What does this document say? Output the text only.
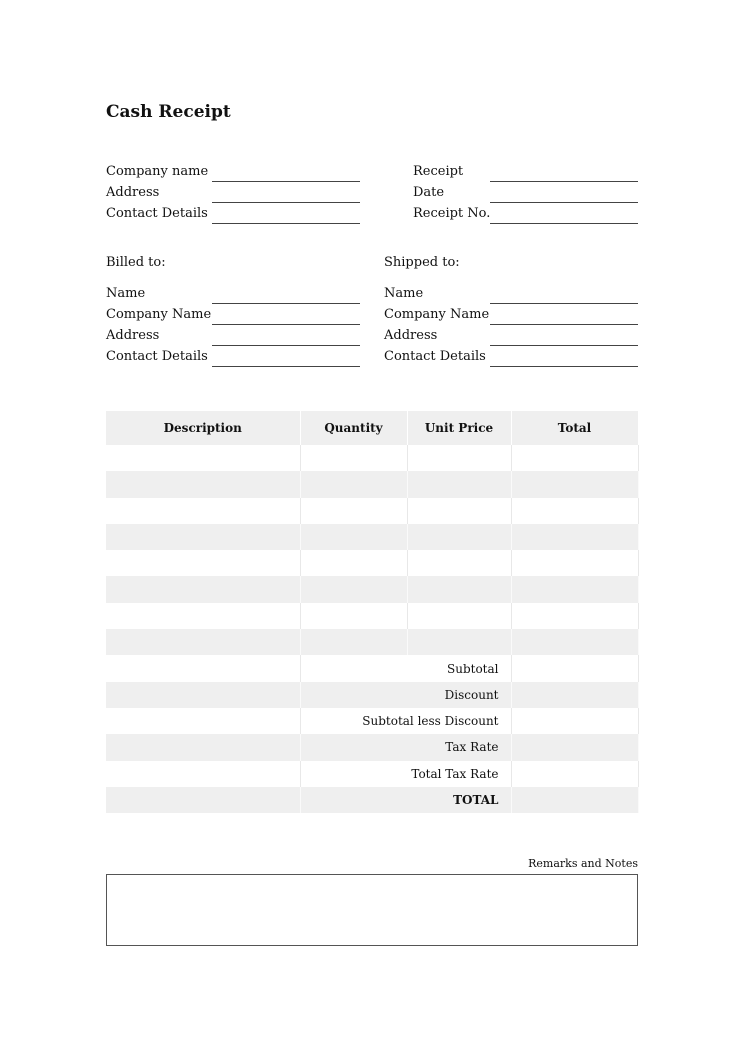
Cash Receipt
Company name
Address
Contact Details
Receipt
Date
Receipt No.
Billed to:
Name
Company Name
Address
Contact Details
Shipped to:
Name
Company Name
Address
Contact Details
Description	Quantity	Unit Price	Total

	Subtotal		
	Discount		
	Subtotal less Discount		
	Tax Rate		
	Total Tax Rate		
	TOTAL		
Remarks and Notes
